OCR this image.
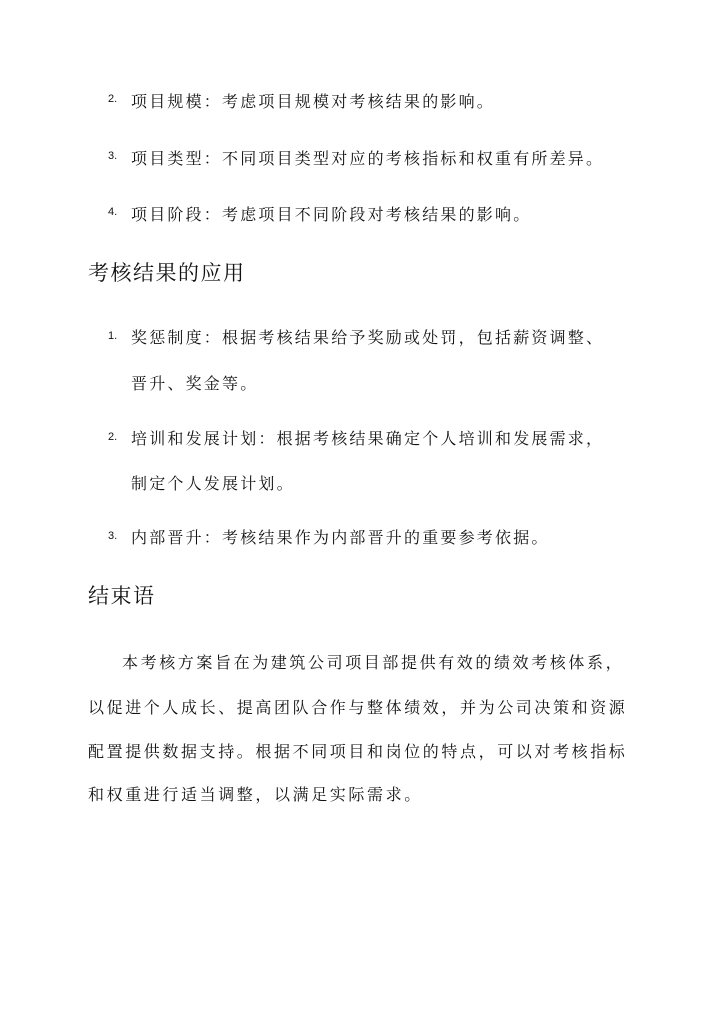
2. 项目规模：考虑项目规模对考核结果的影响。
3. 项目类型：不同项目类型对应的考核指标和权重有所差异。
4. 项目阶段：考虑项目不同阶段对考核结果的影响。
考核结果的应用
1. 奖惩制度：根据考核结果给予奖励或处罚，包括薪资调整、
晋升、奖金等。
2. 培训和发展计划：根据考核结果确定个人培训和发展需求，
制定个人发展计划。
3. 内部晋升：考核结果作为内部晋升的重要参考依据。
结束语
本考核方案旨在为建筑公司项目部提供有效的绩效考核体系，
以促进个人成长、提高团队合作与整体绩效，并为公司决策和资源
配置提供数据支持。根据不同项目和岗位的特点，可以对考核指标
和权重进行适当调整，以满足实际需求。
